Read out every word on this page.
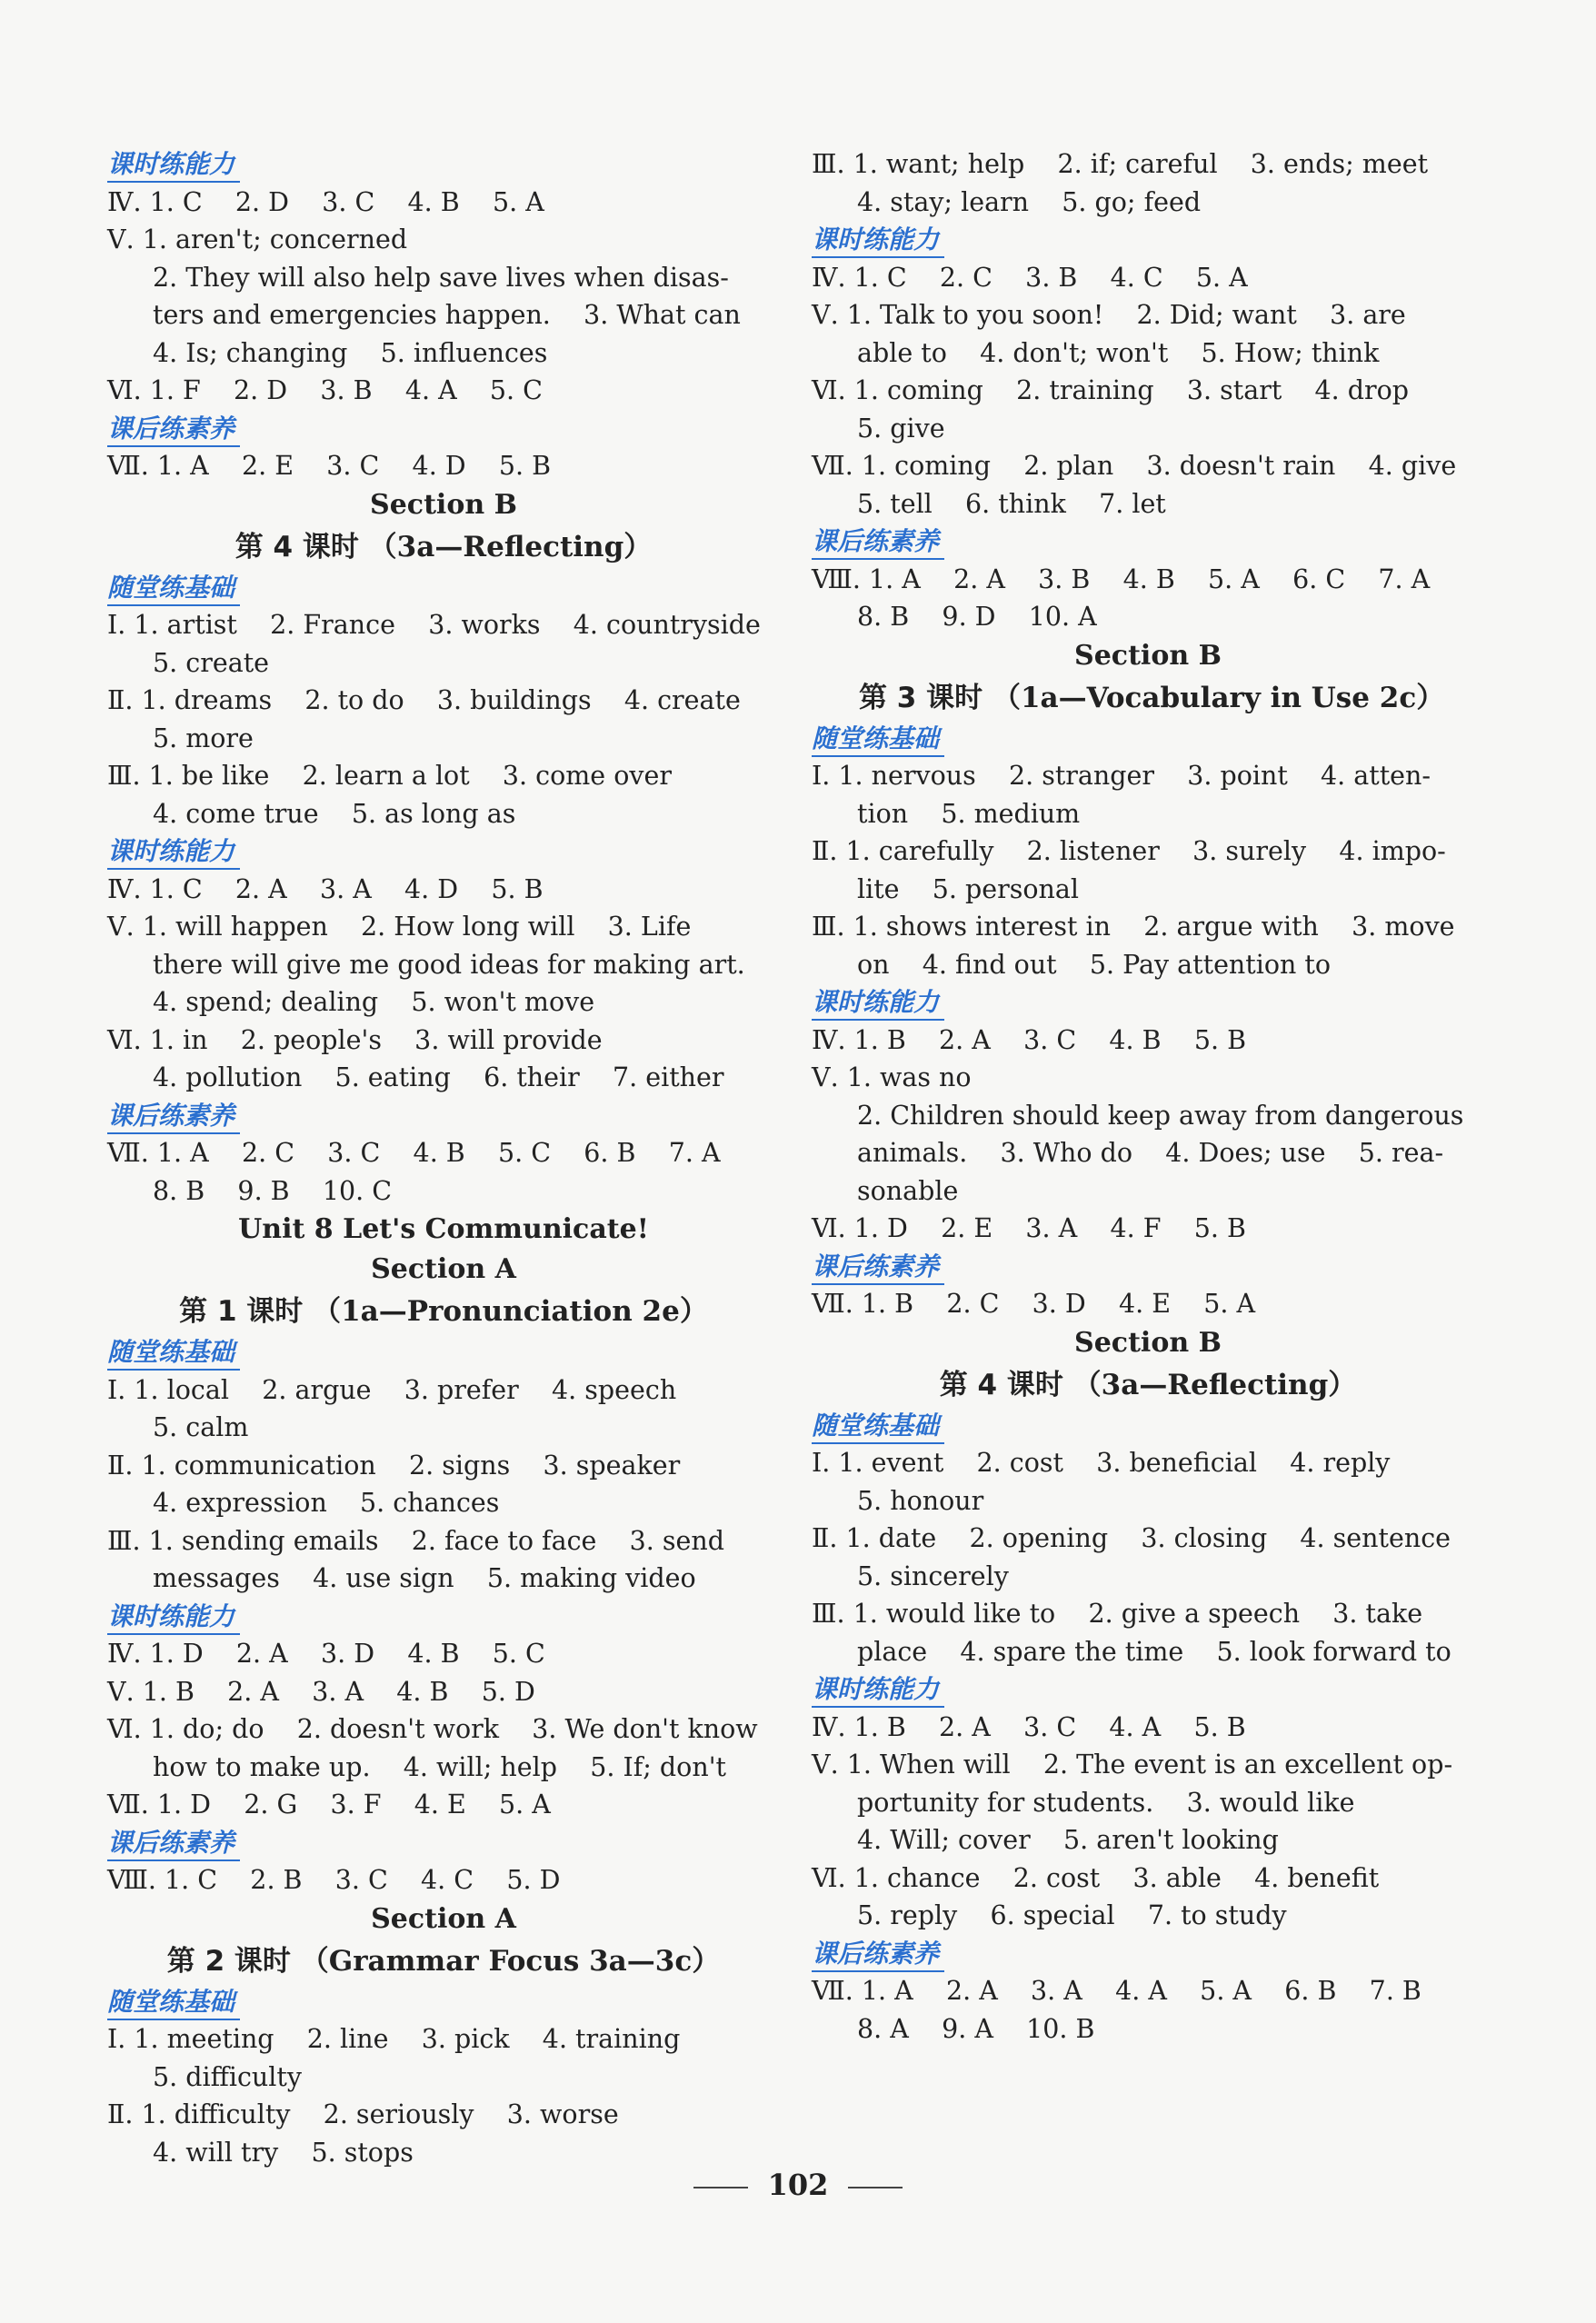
课时练能力
Ⅳ. 1. C    2. D    3. C    4. B    5. A
Ⅴ. 1. aren't; concerned
2. They will also help save lives when disas-
ters and emergencies happen.    3. What can
4. Is; changing    5. influences
Ⅵ. 1. F    2. D    3. B    4. A    5. C
课后练素养
Ⅶ. 1. A    2. E    3. C    4. D    5. B
Section B
第 4 课时 （3a—Reflecting）
随堂练基础
Ⅰ. 1. artist    2. France    3. works    4. countryside
5. create
Ⅱ. 1. dreams    2. to do    3. buildings    4. create
5. more
Ⅲ. 1. be like    2. learn a lot    3. come over
4. come true    5. as long as
课时练能力
Ⅳ. 1. C    2. A    3. A    4. D    5. B
Ⅴ. 1. will happen    2. How long will    3. Life
there will give me good ideas for making art.
4. spend; dealing    5. won't move
Ⅵ. 1. in    2. people's    3. will provide
4. pollution    5. eating    6. their    7. either
课后练素养
Ⅶ. 1. A    2. C    3. C    4. B    5. C    6. B    7. A
8. B    9. B    10. C
Unit 8 Let's Communicate!
Section A
第 1 课时 （1a—Pronunciation 2e）
随堂练基础
Ⅰ. 1. local    2. argue    3. prefer    4. speech
5. calm
Ⅱ. 1. communication    2. signs    3. speaker
4. expression    5. chances
Ⅲ. 1. sending emails    2. face to face    3. send
messages    4. use sign    5. making video
课时练能力
Ⅳ. 1. D    2. A    3. D    4. B    5. C
Ⅴ. 1. B    2. A    3. A    4. B    5. D
Ⅵ. 1. do; do    2. doesn't work    3. We don't know
how to make up.    4. will; help    5. If; don't
Ⅶ. 1. D    2. G    3. F    4. E    5. A
课后练素养
Ⅷ. 1. C    2. B    3. C    4. C    5. D
Section A
第 2 课时 （Grammar Focus 3a—3c）
随堂练基础
Ⅰ. 1. meeting    2. line    3. pick    4. training
5. difficulty
Ⅱ. 1. difficulty    2. seriously    3. worse
4. will try    5. stops
Ⅲ. 1. want; help    2. if; careful    3. ends; meet
4. stay; learn    5. go; feed
课时练能力
Ⅳ. 1. C    2. C    3. B    4. C    5. A
Ⅴ. 1. Talk to you soon!    2. Did; want    3. are
able to    4. don't; won't    5. How; think
Ⅵ. 1. coming    2. training    3. start    4. drop
5. give
Ⅶ. 1. coming    2. plan    3. doesn't rain    4. give
5. tell    6. think    7. let
课后练素养
Ⅷ. 1. A    2. A    3. B    4. B    5. A    6. C    7. A
8. B    9. D    10. A
Section B
第 3 课时 （1a—Vocabulary in Use 2c）
随堂练基础
Ⅰ. 1. nervous    2. stranger    3. point    4. atten-
tion    5. medium
Ⅱ. 1. carefully    2. listener    3. surely    4. impo-
lite    5. personal
Ⅲ. 1. shows interest in    2. argue with    3. move
on    4. find out    5. Pay attention to
课时练能力
Ⅳ. 1. B    2. A    3. C    4. B    5. B
Ⅴ. 1. was no
2. Children should keep away from dangerous
animals.    3. Who do    4. Does; use    5. rea-
sonable
Ⅵ. 1. D    2. E    3. A    4. F    5. B
课后练素养
Ⅶ. 1. B    2. C    3. D    4. E    5. A
Section B
第 4 课时 （3a—Reflecting）
随堂练基础
Ⅰ. 1. event    2. cost    3. beneficial    4. reply
5. honour
Ⅱ. 1. date    2. opening    3. closing    4. sentence
5. sincerely
Ⅲ. 1. would like to    2. give a speech    3. take
place    4. spare the time    5. look forward to
课时练能力
Ⅳ. 1. B    2. A    3. C    4. A    5. B
Ⅴ. 1. When will    2. The event is an excellent op-
portunity for students.    3. would like
4. Will; cover    5. aren't looking
Ⅵ. 1. chance    2. cost    3. able    4. benefit
5. reply    6. special    7. to study
课后练素养
Ⅶ. 1. A    2. A    3. A    4. A    5. A    6. B    7. B
8. A    9. A    10. B
102
